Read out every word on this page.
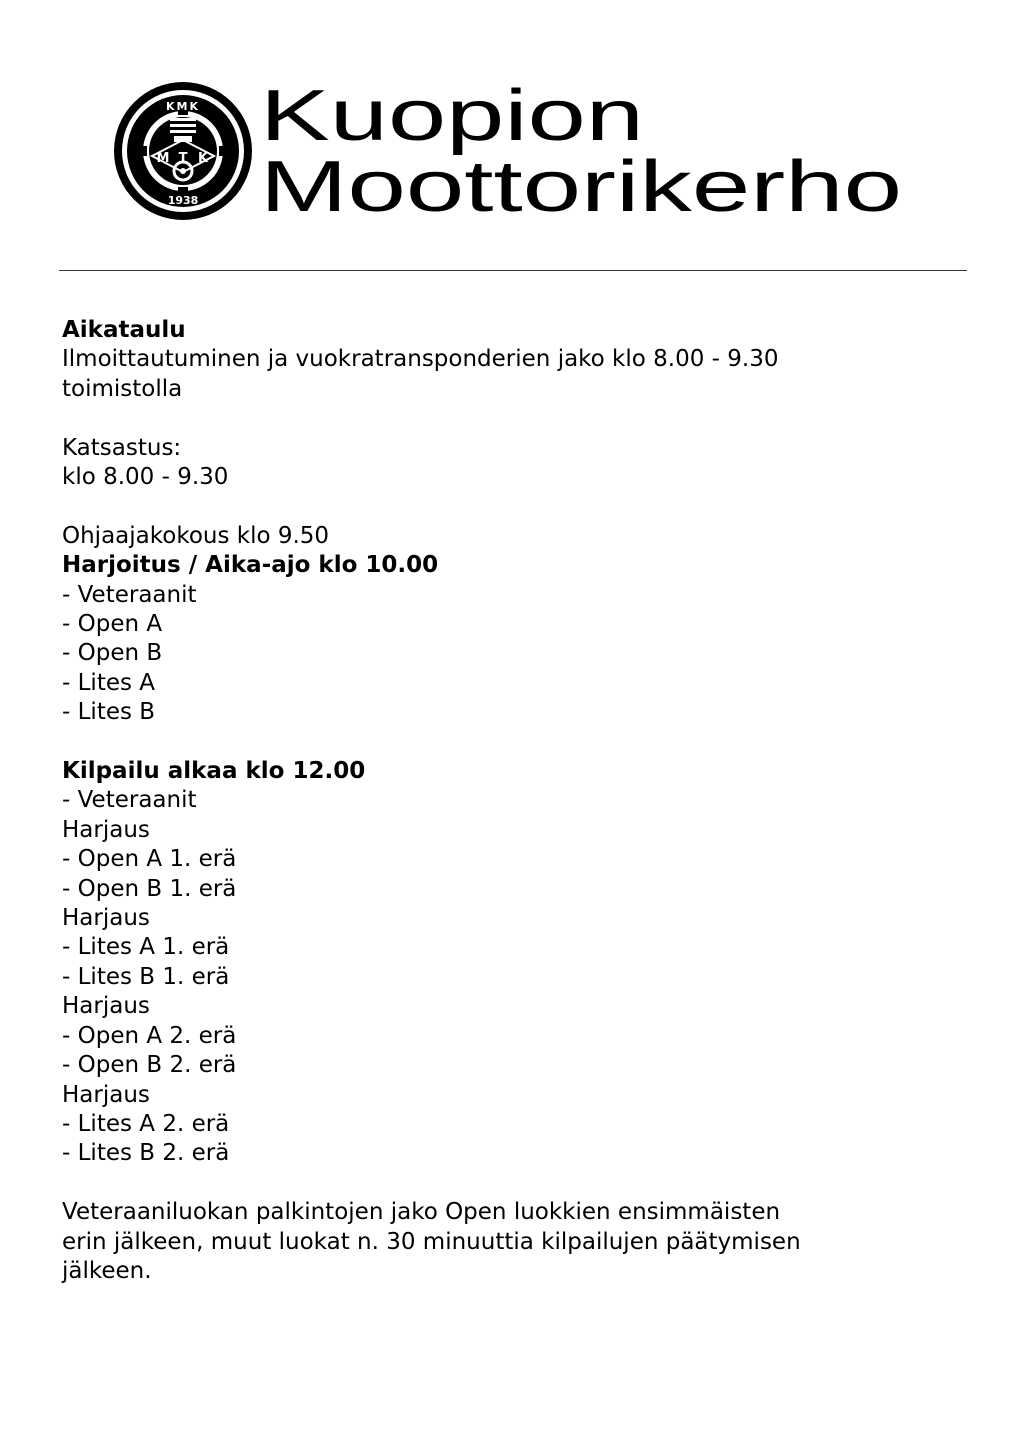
M T K
KMK
1938
Kuopion
Moottorikerho
Aikataulu
Ilmoittautuminen ja vuokratransponderien jako klo 8.00 - 9.30
toimistolla
Katsastus:
klo 8.00 - 9.30
Ohjaajakokous klo 9.50
Harjoitus / Aika-ajo klo 10.00
- Veteraanit
- Open A
- Open B
- Lites A
- Lites B
Kilpailu alkaa klo 12.00
- Veteraanit
Harjaus
- Open A 1. erä
- Open B 1. erä
Harjaus
- Lites A 1. erä
- Lites B 1. erä
Harjaus
- Open A 2. erä
- Open B 2. erä
Harjaus
- Lites A 2. erä
- Lites B 2. erä
Veteraaniluokan palkintojen jako Open luokkien ensimmäisten
erin jälkeen, muut luokat n. 30 minuuttia kilpailujen päätymisen
jälkeen.
